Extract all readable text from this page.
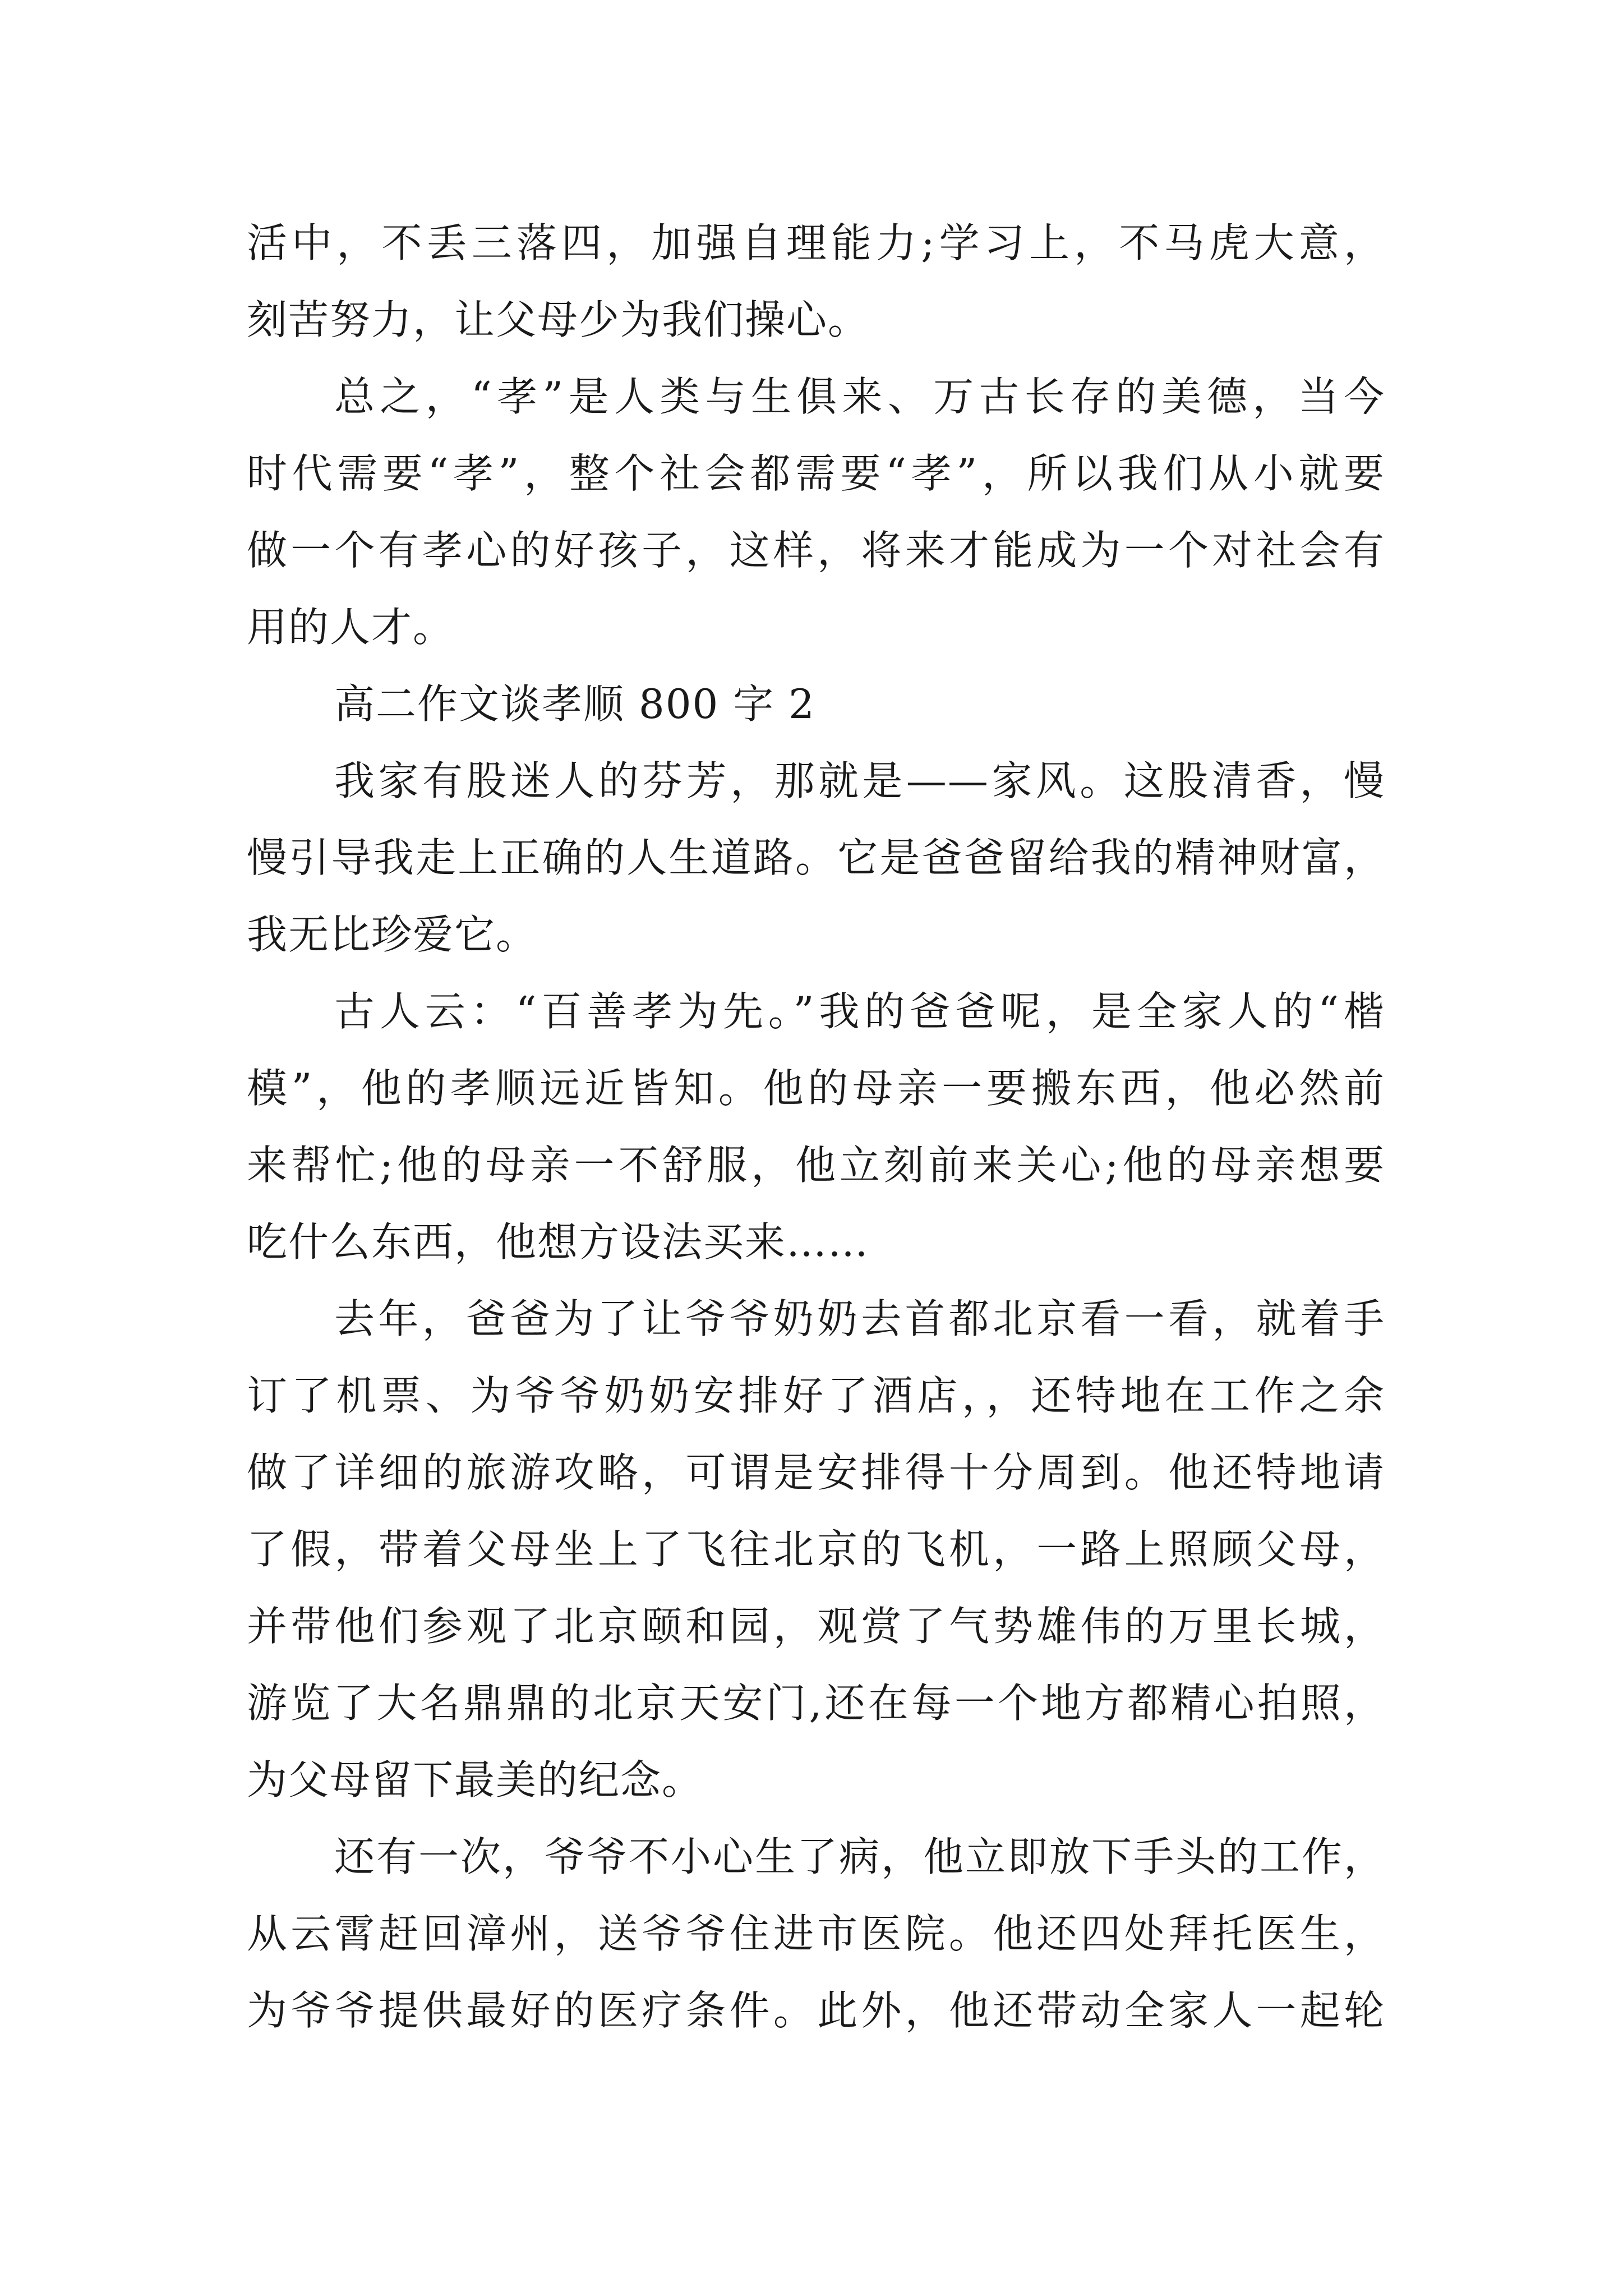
活中，不丢三落四，加强自理能力;学习上，不马虎大意，
刻苦努力，让父母少为我们操心。
总之，“孝”是人类与生俱来、万古长存的美德，当今
时代需要“孝”，整个社会都需要“孝”，所以我们从小就要
做一个有孝心的好孩子，这样，将来才能成为一个对社会有
用的人才。
高二作文谈孝顺 800 字 2
我家有股迷人的芬芳，那就是——家风。这股清香，慢
慢引导我走上正确的人生道路。它是爸爸留给我的精神财富，
我无比珍爱它。
古人云：“百善孝为先。”我的爸爸呢，是全家人的“楷
模”，他的孝顺远近皆知。他的母亲一要搬东西，他必然前
来帮忙;他的母亲一不舒服，他立刻前来关心;他的母亲想要
吃什么东西，他想方设法买来……
去年，爸爸为了让爷爷奶奶去首都北京看一看，就着手
订了机票、为爷爷奶奶安排好了酒店，，还特地在工作之余
做了详细的旅游攻略，可谓是安排得十分周到。他还特地请
了假，带着父母坐上了飞往北京的飞机，一路上照顾父母，
并带他们参观了北京颐和园，观赏了气势雄伟的万里长城，
游览了大名鼎鼎的北京天安门,还在每一个地方都精心拍照，
为父母留下最美的纪念。
还有一次，爷爷不小心生了病，他立即放下手头的工作，
从云霄赶回漳州，送爷爷住进市医院。他还四处拜托医生，
为爷爷提供最好的医疗条件。此外，他还带动全家人一起轮
